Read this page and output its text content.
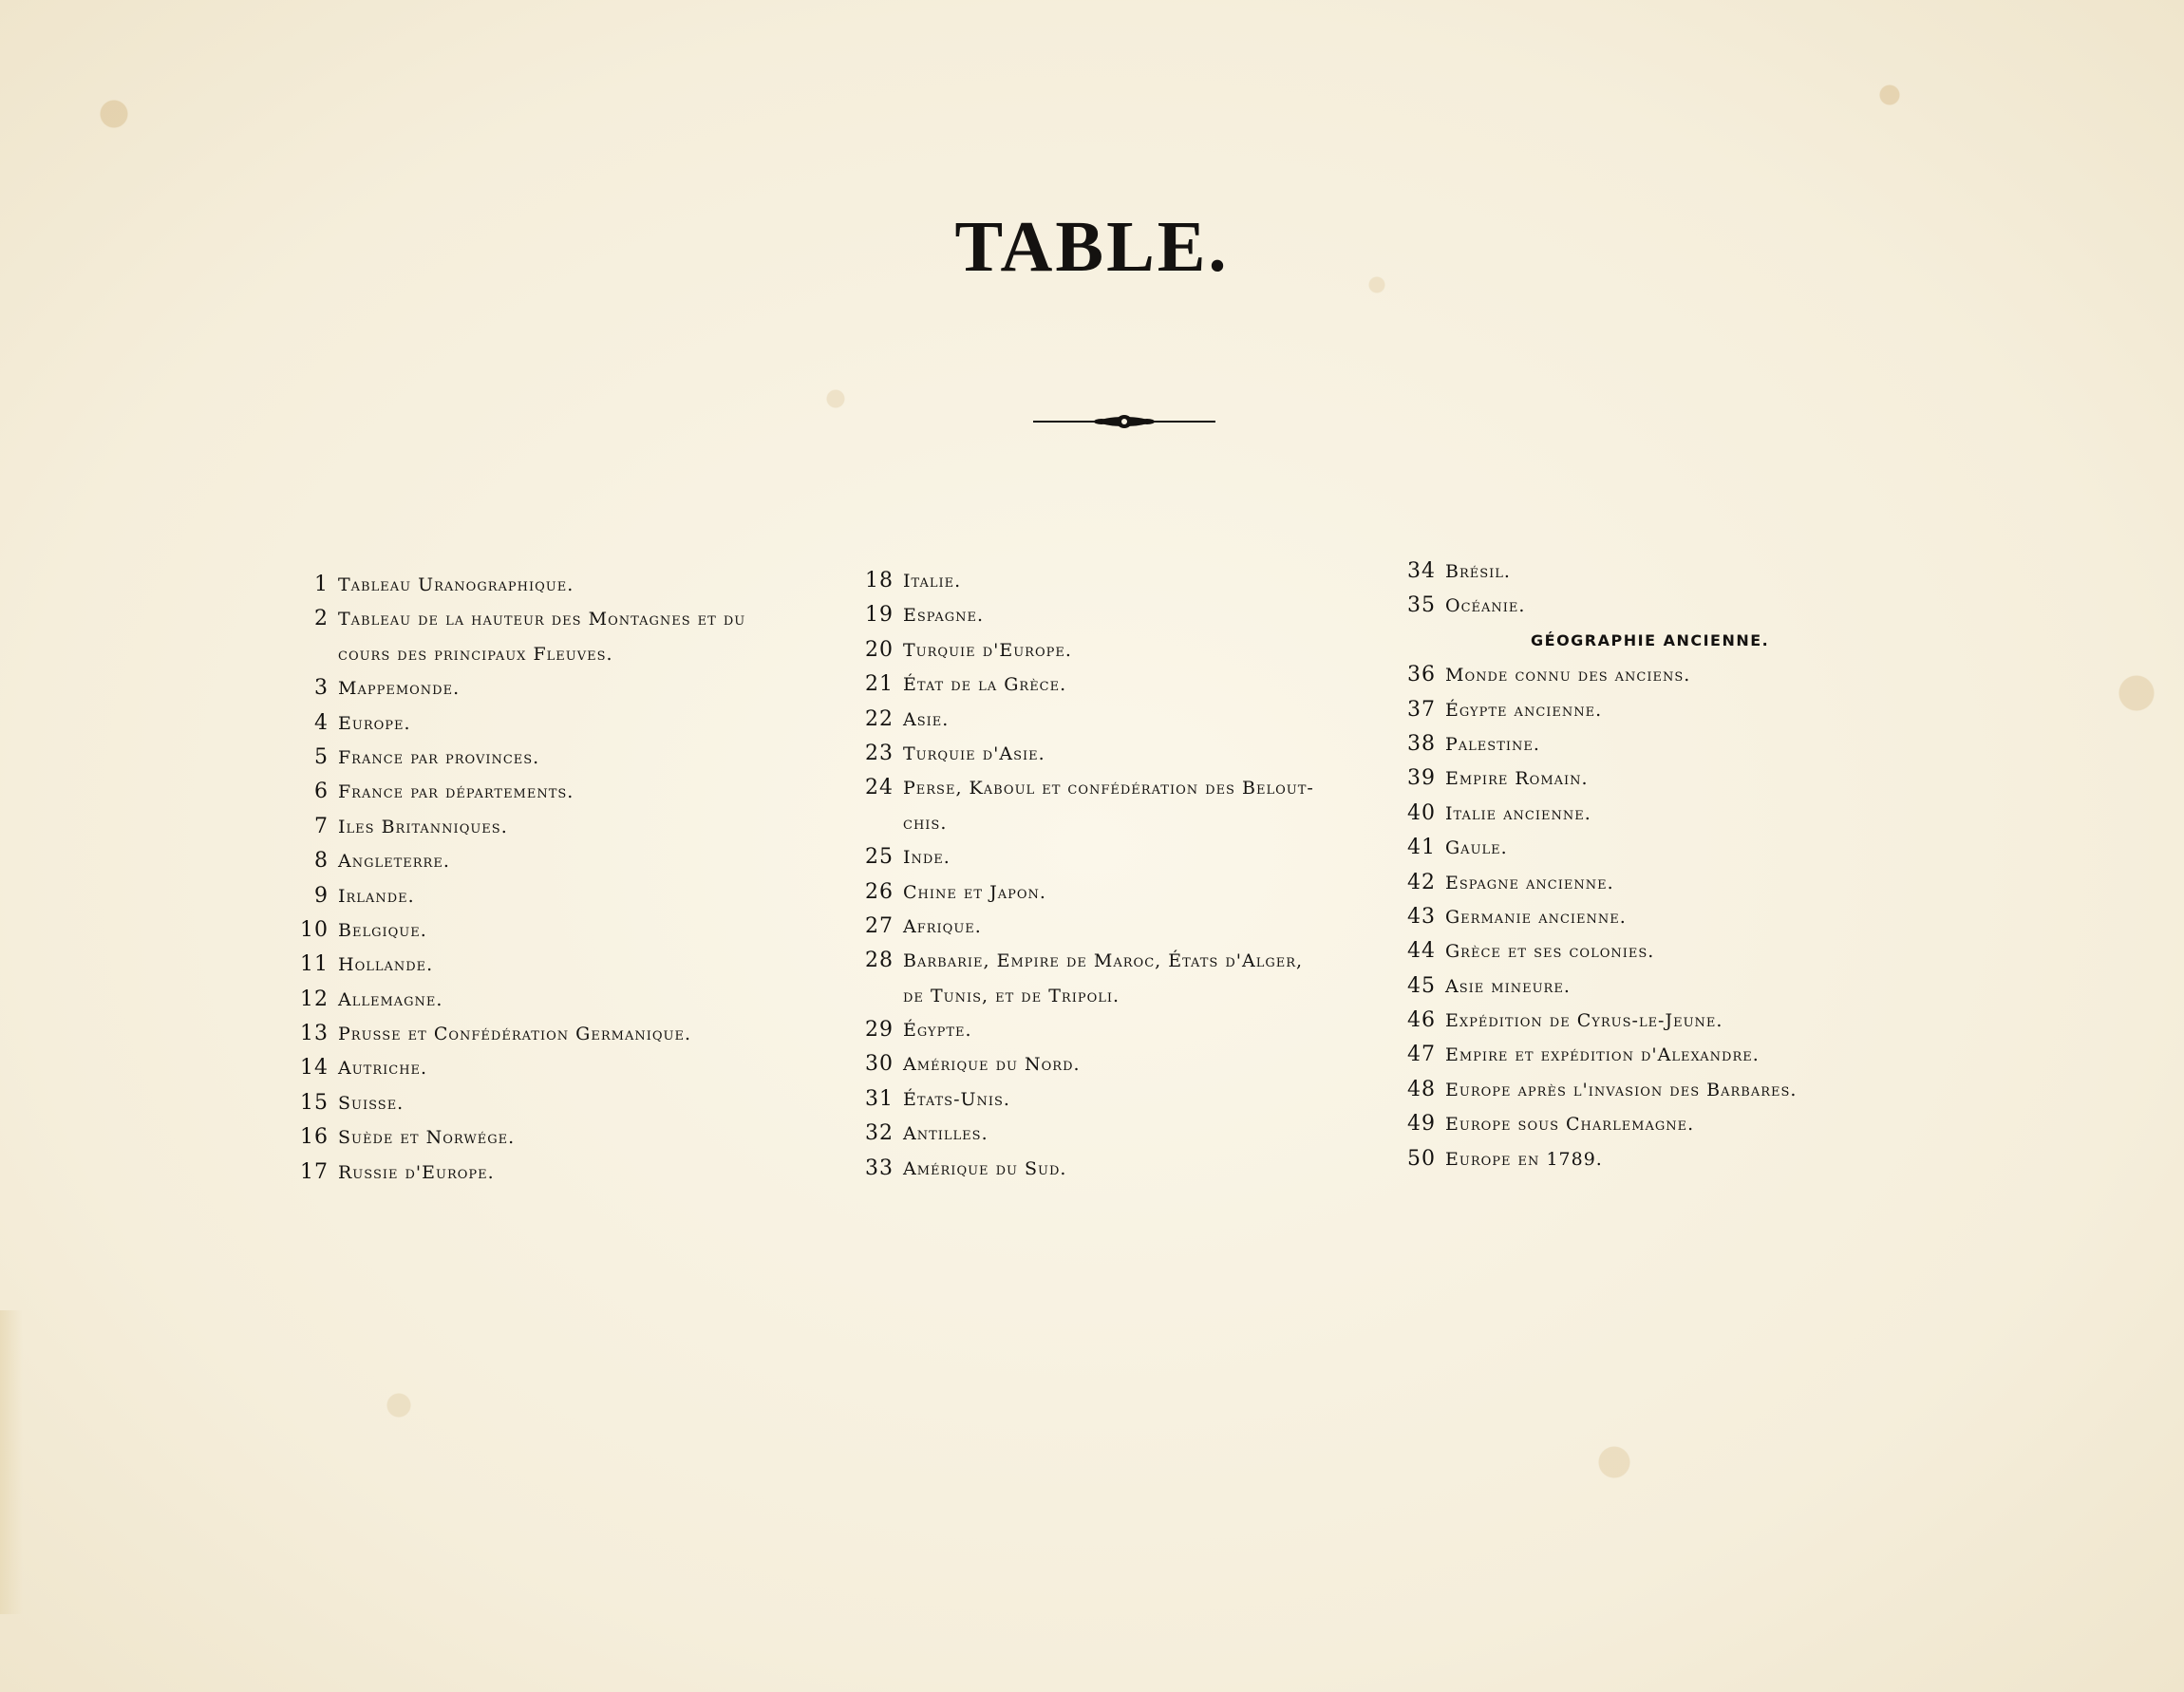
TABLE.
1 Tableau Uranographique.
2 Tableau de la hauteur des Montagnes et du
cours des principaux Fleuves.
3 Mappemonde.
4 Europe.
5 France par provinces.
6 France par départements.
7 Iles Britanniques.
8 Angleterre.
9 Irlande.
10 Belgique.
11 Hollande.
12 Allemagne.
13 Prusse et Confédération Germanique.
14 Autriche.
15 Suisse.
16 Suède et Norwége.
17 Russie d'Europe.
18 Italie.
19 Espagne.
20 Turquie d'Europe.
21 État de la Grèce.
22 Asie.
23 Turquie d'Asie.
24 Perse, Kaboul et confédération des Belout-
chis.
25 Inde.
26 Chine et Japon.
27 Afrique.
28 Barbarie, Empire de Maroc, États d'Alger,
de Tunis, et de Tripoli.
29 Égypte.
30 Amérique du Nord.
31 États-Unis.
32 Antilles.
33 Amérique du Sud.
34 Brésil.
35 Océanie.
GÉOGRAPHIE ANCIENNE.
36 Monde connu des anciens.
37 Égypte ancienne.
38 Palestine.
39 Empire Romain.
40 Italie ancienne.
41 Gaule.
42 Espagne ancienne.
43 Germanie ancienne.
44 Grèce et ses colonies.
45 Asie mineure.
46 Expédition de Cyrus-le-Jeune.
47 Empire et expédition d'Alexandre.
48 Europe après l'invasion des Barbares.
49 Europe sous Charlemagne.
50 Europe en 1789.
